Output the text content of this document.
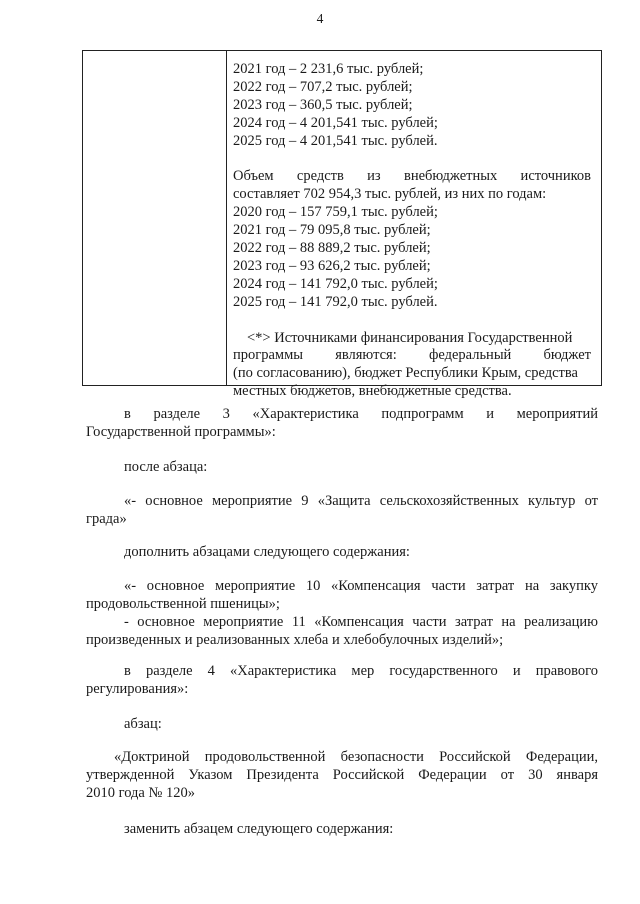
4
2021 год – 2 231,6 тыс. рублей;
2022 год – 707,2 тыс. рублей;
2023 год – 360,5 тыс. рублей;
2024 год – 4 201,541 тыс. рублей;
2025 год – 4 201,541 тыс. рублей.
Объем средств из внебюджетных источников
составляет 702 954,3 тыс. рублей, из них по годам:
2020 год – 157 759,1 тыс. рублей;
2021 год – 79 095,8 тыс. рублей;
2022 год – 88 889,2 тыс. рублей;
2023 год – 93 626,2 тыс. рублей;
2024 год – 141 792,0 тыс. рублей;
2025 год – 141 792,0 тыс. рублей.
<*> Источниками финансирования Государственной
программы являются: федеральный бюджет
(по согласованию), бюджет Республики Крым, средства
местных бюджетов, внебюджетные средства.
в разделе 3 «Характеристика подпрограмм и мероприятий
Государственной программы»:
после абзаца:
«- основное мероприятие 9 «Защита сельскохозяйственных культур от
града»
дополнить абзацами следующего содержания:
«- основное мероприятие 10 «Компенсация части затрат на закупку
продовольственной пшеницы»;
- основное мероприятие 11 «Компенсация части затрат на реализацию
произведенных и реализованных хлеба и хлебобулочных изделий»;
в разделе 4 «Характеристика мер государственного и правового
регулирования»:
абзац:
«Доктриной продовольственной безопасности Российской Федерации,
утвержденной Указом Президента Российской Федерации от 30 января
2010 года № 120»
заменить абзацем следующего содержания:
